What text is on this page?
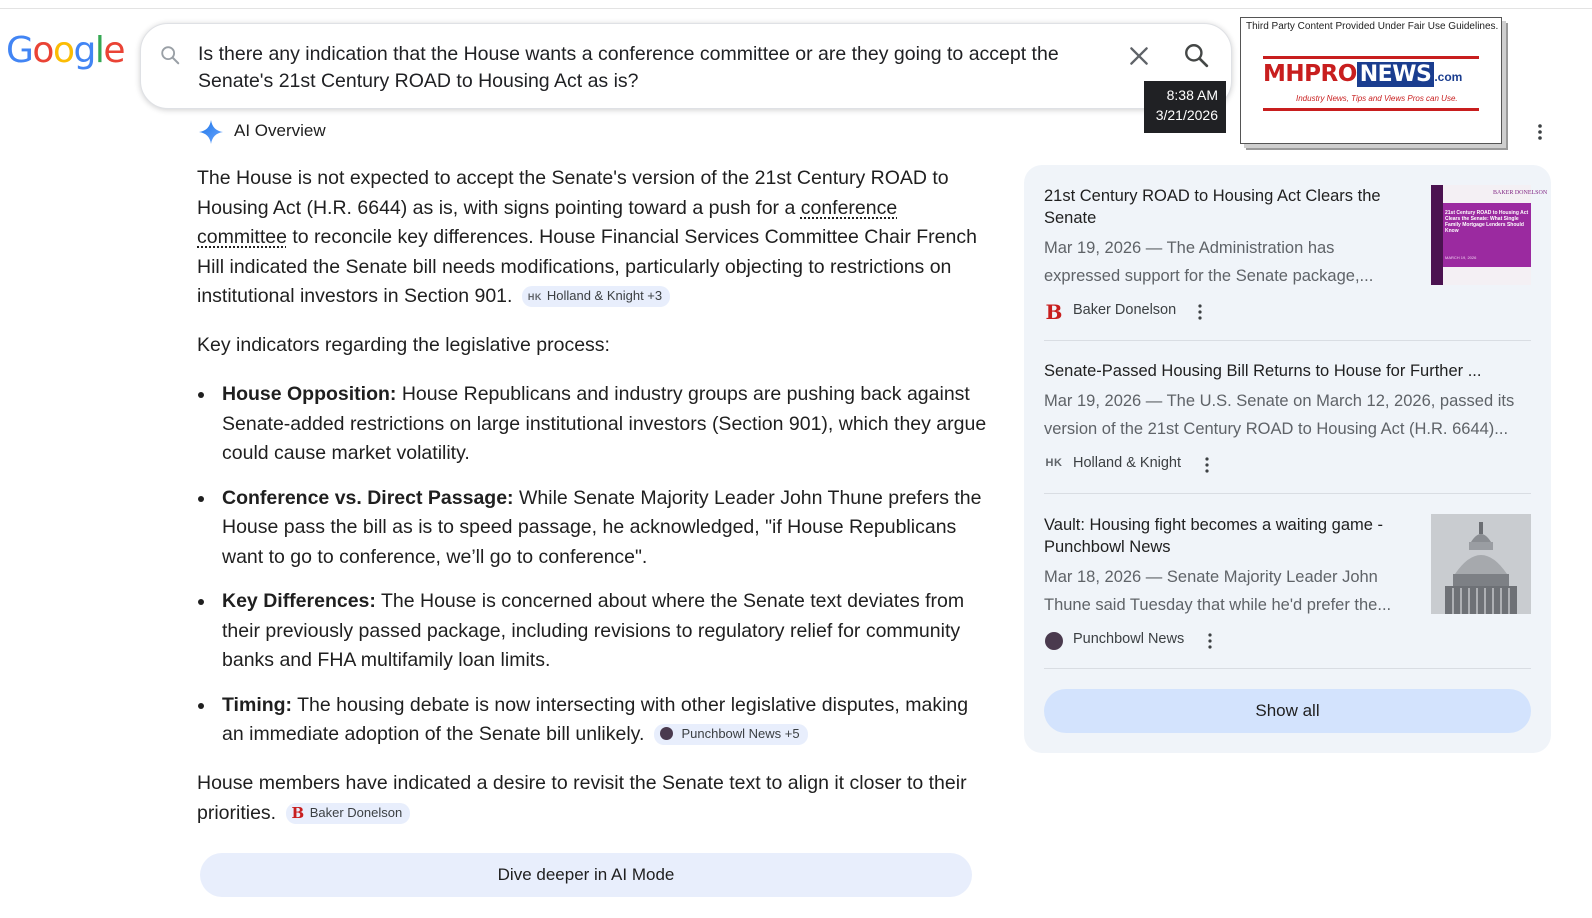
Google	Is there any indication that the House wants a conference committee or are they going to accept the Senate's 21st Century ROAD to Housing Act as is?
8:38 AM
3/21/2026
Third Party Content Provided Under Fair Use Guidelines.
MHPRO NEWS .com
Industry News, Tips and Views Pros can Use.
AI Overview

The House is not expected to accept the Senate's version of the 21st Century ROAD to Housing Act (H.R. 6644) as is, with signs pointing toward a push for a conference committee to reconcile key differences. House Financial Services Committee Chair French Hill indicated the Senate bill needs modifications, particularly objecting to restrictions on institutional investors in Section 901. HK Holland & Knight +3

Key indicators regarding the legislative process:

House Opposition: House Republicans and industry groups are pushing back against Senate-added restrictions on large institutional investors (Section 901), which they argue could cause market volatility.
Conference vs. Direct Passage: While Senate Majority Leader John Thune prefers the House pass the bill as is to speed passage, he acknowledged, "if House Republicans want to go to conference, we’ll go to conference".
Key Differences: The House is concerned about where the Senate text deviates from their previously passed package, including revisions to regulatory relief for community banks and FHA multifamily loan limits.
Timing: The housing debate is now intersecting with other legislative disputes, making an immediate adoption of the Senate bill unlikely.	Punchbowl News +5

House members have indicated a desire to revisit the Senate text to align it closer to their priorities. B Baker Donelson

Dive deeper in AI Mode
21st Century ROAD to Housing Act Clears the Senate
Mar 19, 2026 — The Administration has expressed support for the Senate package,...
B Baker Donelson
BAKER DONELSON
21st Century ROAD to Housing Act Clears the Senate: What Single Family Mortgage Lenders Should Know
MARCH 19, 2026
Senate-Passed Housing Bill Returns to House for Further ...
Mar 19, 2026 — The U.S. Senate on March 12, 2026, passed its version of the 21st Century ROAD to Housing Act (H.R. 6644)...
HK Holland & Knight
Vault: Housing fight becomes a waiting game - Punchbowl News
Mar 18, 2026 — Senate Majority Leader John Thune said Tuesday that while he'd prefer the...
Punchbowl News
Show all
